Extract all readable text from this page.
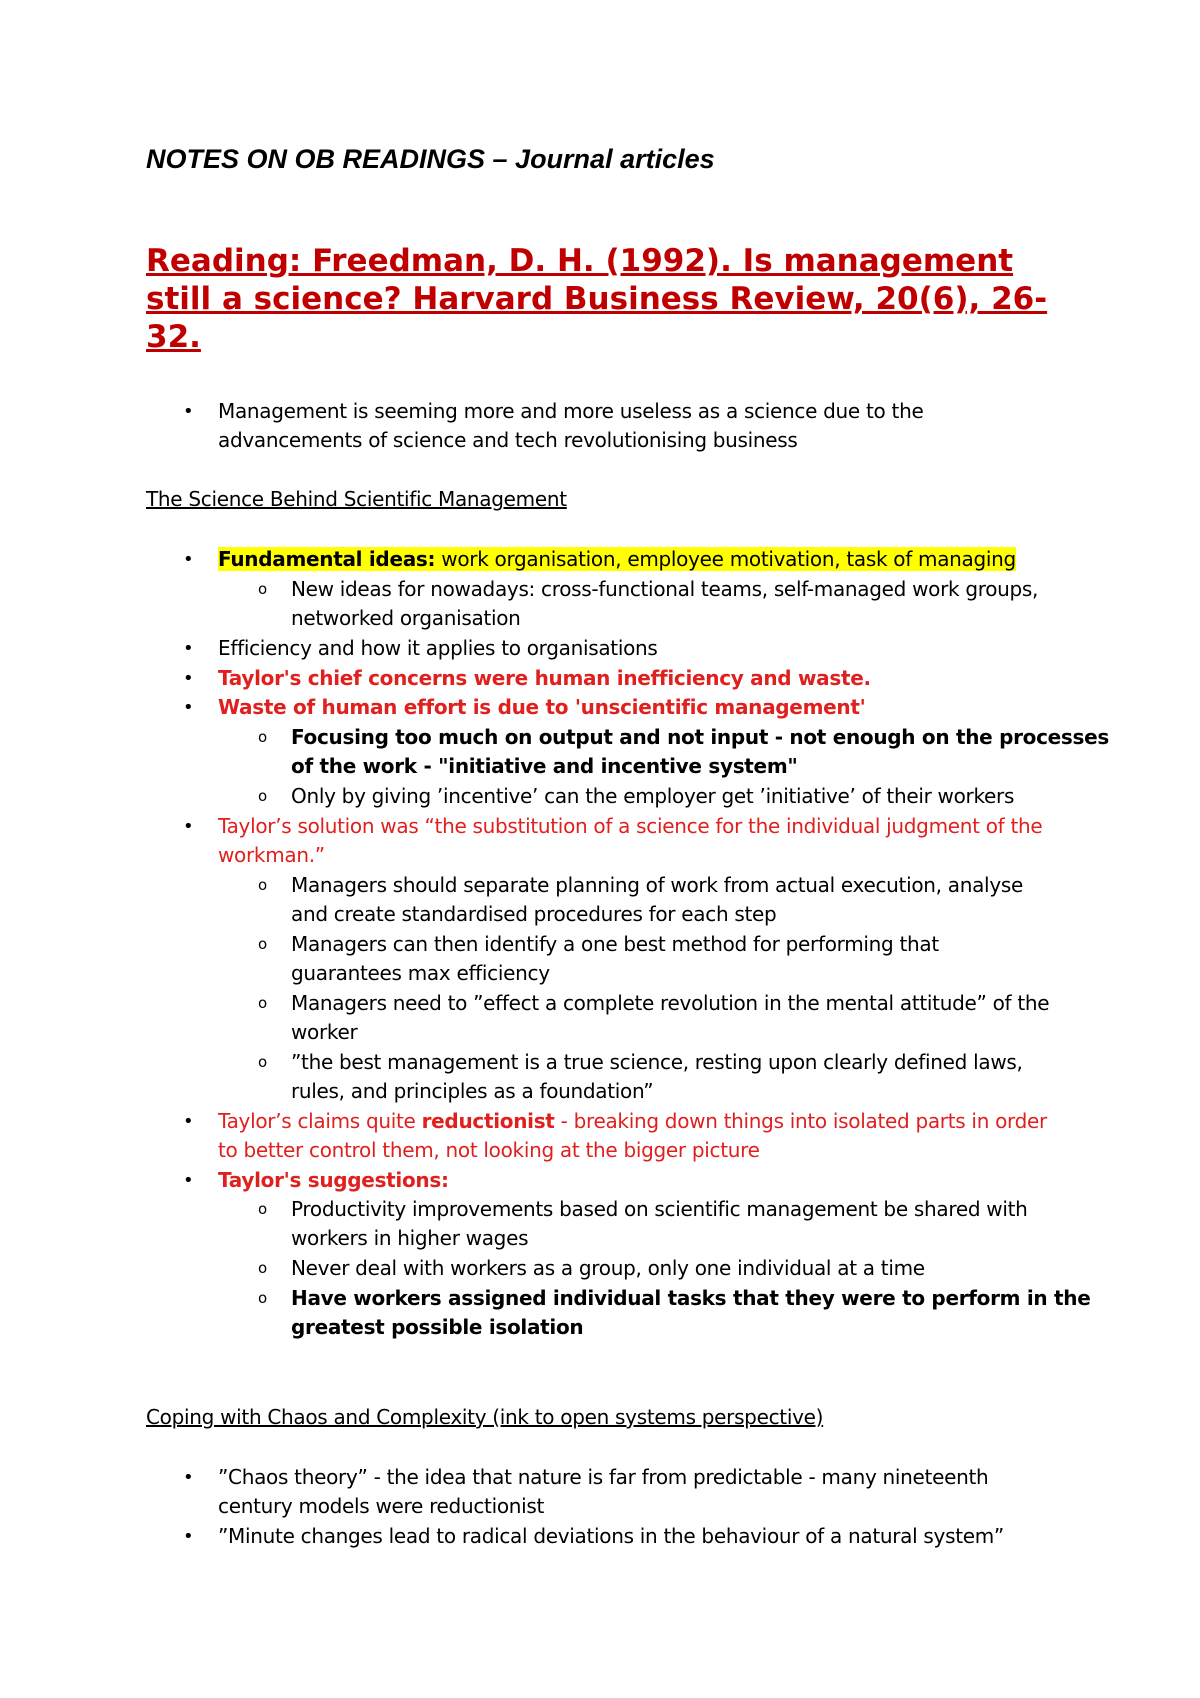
NOTES ON OB READINGS – Journal articles
Reading: Freedman, D. H. (1992). Is management still a science? Harvard Business Review, 20(6), 26-32.
• Management is seeming more and more useless as a science due to the
advancements of science and tech revolutionising business
The Science Behind Scientific Management
• Fundamental ideas: work organisation, employee motivation, task of managing
o New ideas for nowadays: cross-functional teams, self-managed work groups,
networked organisation
• Efficiency and how it applies to organisations
• Taylor's chief concerns were human inefficiency and waste.
• Waste of human effort is due to 'unscientific management'
o Focusing too much on output and not input - not enough on the processes
of the work - "initiative and incentive system"
o Only by giving ’incentive’ can the employer get ’initiative’ of their workers
• Taylor’s solution was “the substitution of a science for the individual judgment of the
workman.”
o Managers should separate planning of work from actual execution, analyse
and create standardised procedures for each step
o Managers can then identify a one best method for performing that
guarantees max efficiency
o Managers need to ”effect a complete revolution in the mental attitude” of the
worker
o ”the best management is a true science, resting upon clearly defined laws,
rules, and principles as a foundation”
• Taylor’s claims quite reductionist - breaking down things into isolated parts in order
to better control them, not looking at the bigger picture
• Taylor's suggestions:
o Productivity improvements based on scientific management be shared with
workers in higher wages
o Never deal with workers as a group, only one individual at a time
o Have workers assigned individual tasks that they were to perform in the
greatest possible isolation
Coping with Chaos and Complexity (ink to open systems perspective)
• ”Chaos theory” - the idea that nature is far from predictable - many nineteenth
century models were reductionist
• ”Minute changes lead to radical deviations in the behaviour of a natural system”
